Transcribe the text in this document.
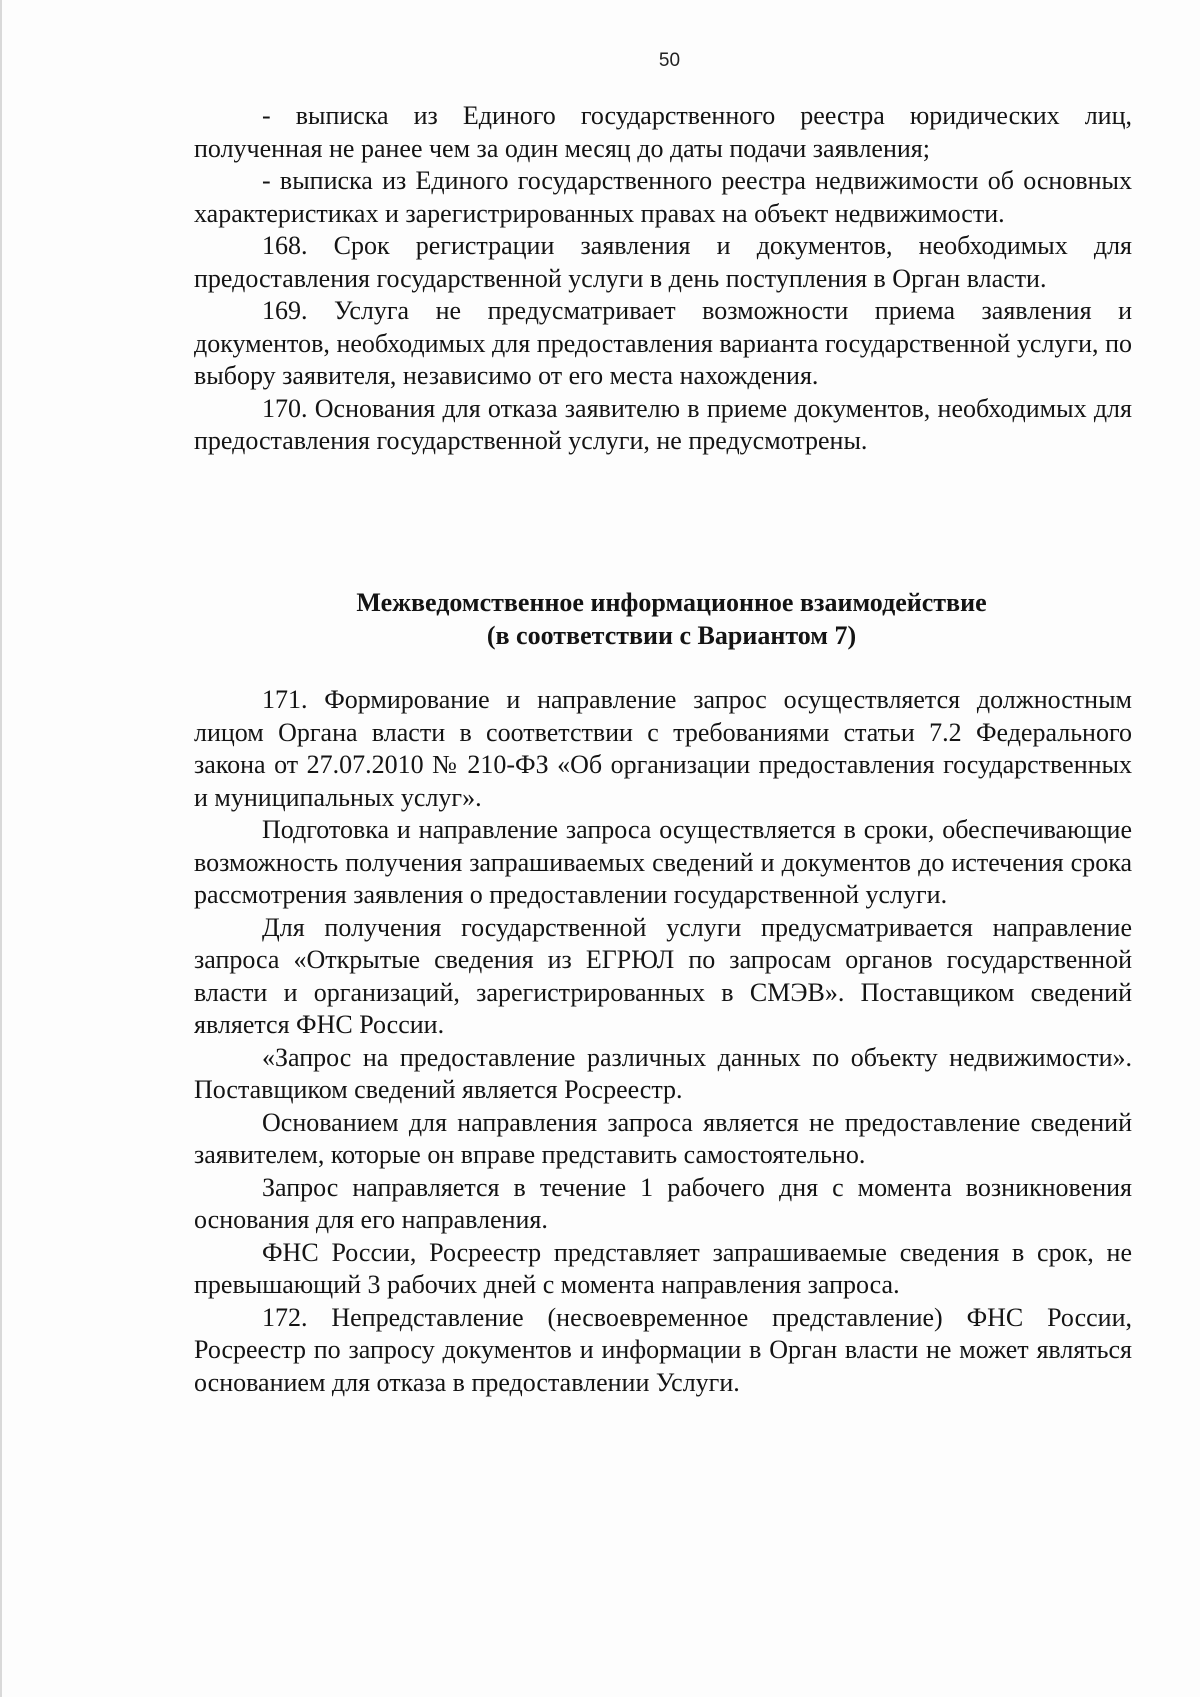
50

- выписка из Единого государственного реестра юридических лиц, полученная не ранее чем за один месяц до даты подачи заявления;

- выписка из Единого государственного реестра недвижимости об основных характеристиках и зарегистрированных правах на объект недвижимости.

168. Срок регистрации заявления и документов, необходимых для предоставления государственной услуги в день поступления в Орган власти.

169. Услуга не предусматривает возможности приема заявления и документов, необходимых для предоставления варианта государственной услуги, по выбору заявителя, независимо от его места нахождения.

170. Основания для отказа заявителю в приеме документов, необходимых для предоставления государственной услуги, не предусмотрены.

Межведомственное информационное взаимодействие
(в соответствии с Вариантом 7)

171. Формирование и направление запрос осуществляется должностным лицом Органа власти в соответствии с требованиями статьи 7.2 Федерального закона от 27.07.2010 № 210-ФЗ «Об организации предоставления государственных и муниципальных услуг».

Подготовка и направление запроса осуществляется в сроки, обеспечивающие возможность получения запрашиваемых сведений и документов до истечения срока рассмотрения заявления о предоставлении государственной услуги.

Для получения государственной услуги предусматривается направление запроса «Открытые сведения из ЕГРЮЛ по запросам органов государственной власти и организаций, зарегистрированных в СМЭВ». Поставщиком сведений является ФНС России.

«Запрос на предоставление различных данных по объекту недвижимости». Поставщиком сведений является Росреестр.

Основанием для направления запроса является не предоставление сведений заявителем, которые он вправе представить самостоятельно.

Запрос направляется в течение 1 рабочего дня с момента возникновения основания для его направления.

ФНС России, Росреестр представляет запрашиваемые сведения в срок, не превышающий 3 рабочих дней с момента направления запроса.

172. Непредставление (несвоевременное представление) ФНС России, Росреестр по запросу документов и информации в Орган власти не может являться основанием для отказа в предоставлении Услуги.
